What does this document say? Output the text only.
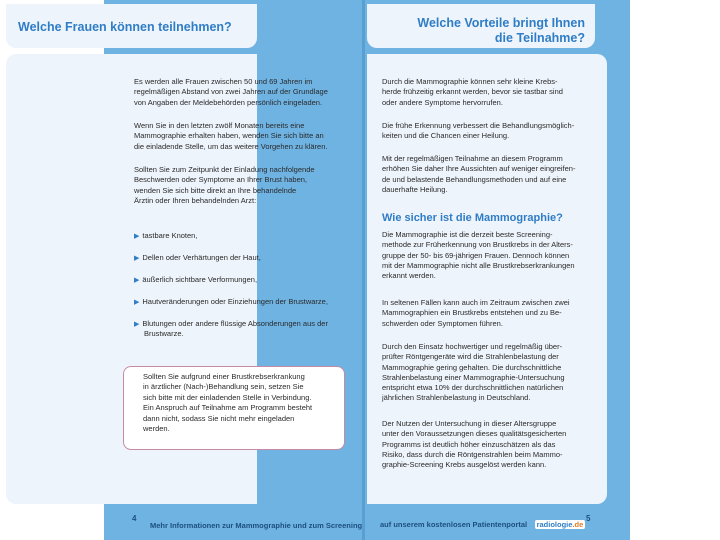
Welche Frauen können teilnehmen?	Welche Vorteile bringt Ihnen
die Teilnahme?

Es werden alle Frauen zwischen 50 und 69 Jahren im

regelmäßigen Abstand von zwei Jahren auf der Grundlage

von Angaben der Meldebehörden persönlich eingeladen.

Wenn Sie in den letzten zwölf Monaten bereits eine

Mammographie erhalten haben, wenden Sie sich bitte an

die einladende Stelle, um das weitere Vorgehen zu klären.

Sollten Sie zum Zeitpunkt der Einladung nachfolgende

Beschwerden oder Symptome an Ihrer Brust haben,

wenden Sie sich bitte direkt an Ihre behandelnde

Ärztin oder Ihren behandelnden Arzt:

▶ tastbare Knoten,
▶ Dellen oder Verhärtungen der Haut,
▶ äußerlich sichtbare Verformungen,
▶ Hautveränderungen oder Einziehungen der Brustwarze,
▶ Blutungen oder andere flüssige Absonderungen aus der
Brustwarze.

Sollten Sie aufgrund einer Brustkrebserkrankung

in ärztlicher (Nach-)Behandlung sein, setzen Sie

sich bitte mit der einladenden Stelle in Verbindung.

Ein Anspruch auf Teilnahme am Programm besteht

dann nicht, sodass Sie nicht mehr eingeladen

werden.

Durch die Mammographie können sehr kleine Krebs-

herde frühzeitig erkannt werden, bevor sie tastbar sind

oder andere Symptome hervorrufen.

Die frühe Erkennung verbessert die Behandlungsmöglich-

keiten und die Chancen einer Heilung.

Mit der regelmäßigen Teilnahme an diesem Programm

erhöhen Sie daher Ihre Aussichten auf weniger eingreifen-

de und belastende Behandlungsmethoden und auf eine

dauerhafte Heilung.

Wie sicher ist die Mammographie?

Die Mammographie ist die derzeit beste Screening-

methode zur Früherkennung von Brustkrebs in der Alters-

gruppe der 50- bis 69-jährigen Frauen. Dennoch können

mit der Mammographie nicht alle Brustkrebserkrankungen

erkannt werden.

In seltenen Fällen kann auch im Zeitraum zwischen zwei

Mammographien ein Brustkrebs entstehen und zu Be-

schwerden oder Symptomen führen.

Durch den Einsatz hochwertiger und regelmäßig über-

prüfter Röntgengeräte wird die Strahlenbelastung der

Mammographie gering gehalten. Die durchschnittliche

Strahlenbelastung einer Mammographie-Untersuchung

entspricht etwa 10% der durchschnittlichen natürlichen

jährlichen Strahlenbelastung in Deutschland.

Der Nutzen der Untersuchung in dieser Altersgruppe

unter den Voraussetzungen dieses qualitätsgesicherten

Programms ist deutlich höher einzuschätzen als das

Risiko, dass durch die Röntgenstrahlen beim Mammo-

graphie-Screening Krebs ausgelöst werden kann.

4
Mehr Informationen zur Mammographie und zum Screening auf unserem kostenlosen Patientenportal radiologie.de
5
